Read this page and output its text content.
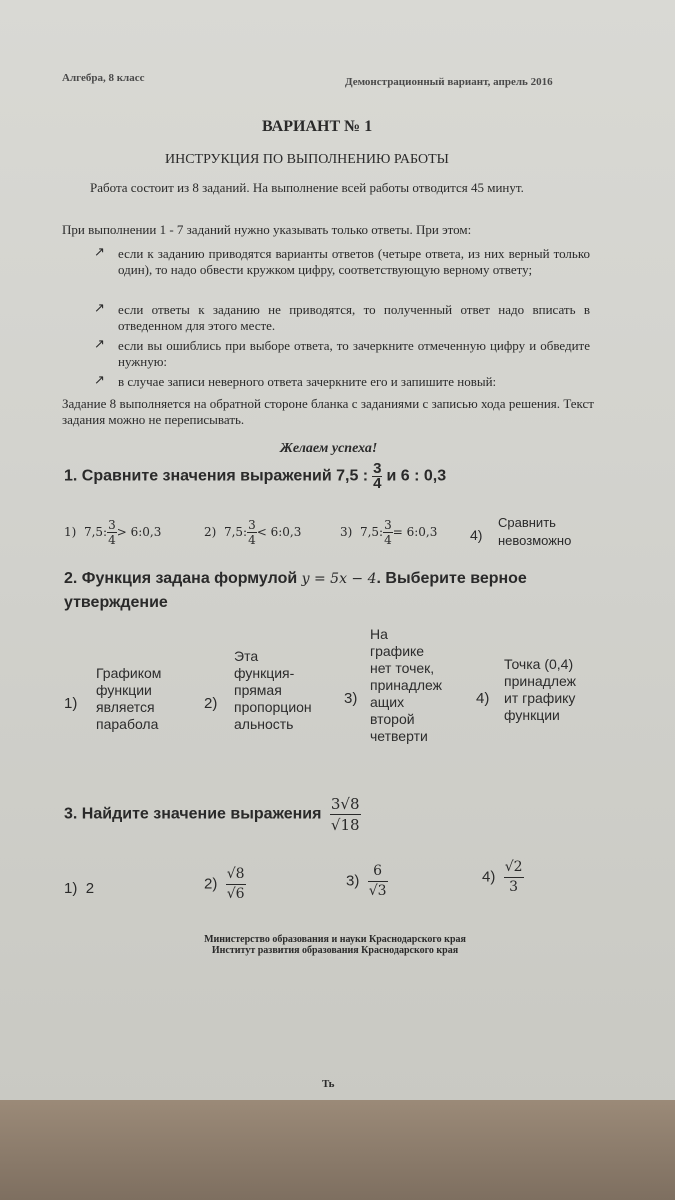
Алгебра, 8 класс	Демонстрационный вариант, апрель 2016
ВАРИАНТ № 1
ИНСТРУКЦИЯ ПО ВЫПОЛНЕНИЮ РАБОТЫ
Работа состоит из 8 заданий. На выполнение всей работы отводится 45 минут.
При выполнении 1 - 7 заданий нужно указывать только ответы. При этом:
↗ если к заданию приводятся варианты ответов (четыре ответа, из них верный только один), то надо обвести кружком цифру, соответствующую верному ответу;
↗ если ответы к заданию не приводятся, то полученный ответ надо вписать в отведенном для этого месте.
↗ если вы ошиблись при выборе ответа, то зачеркните отмеченную цифру и обведите нужную:
↗ в случае записи неверного ответа зачеркните его и запишите новый:
Задание 8 выполняется на обратной стороне бланка с заданиями с записью хода решения. Текст задания можно не переписывать.
Желаем успеха!
1. Сравните значения выражений 7,5 : $\frac{3}{4}$ и 6 : 0,3
1) 7,5: $\frac{3}{4}$ > 6:0,3	2) 7,5: $\frac{3}{4}$ < 6:0,3	3) 7,5: $\frac{3}{4}$ = 6:0,3 4)
Сравнить
невозможно
2. Функция задана формулой y = 5x − 4. Выберите верное
утверждение
1)
Графиком
функции
является
парабола
2)
Эта
функция-
прямая
пропорцион
альность
3)
На
графике
нет точек,
принадлеж
ащих
второй
четверти
4)
Точка (0,4)
принадлеж
ит графику
функции
3. Найдите значение выражения $\frac{3√8}{√18}$
1) 2	$2) \frac{√8}{√6}$	$3) \frac{6}{√3}$	$4) \frac{√2}{3}$
Министерство образования и науки Краснодарского края
Институт развития образования Краснодарского края
Ть
